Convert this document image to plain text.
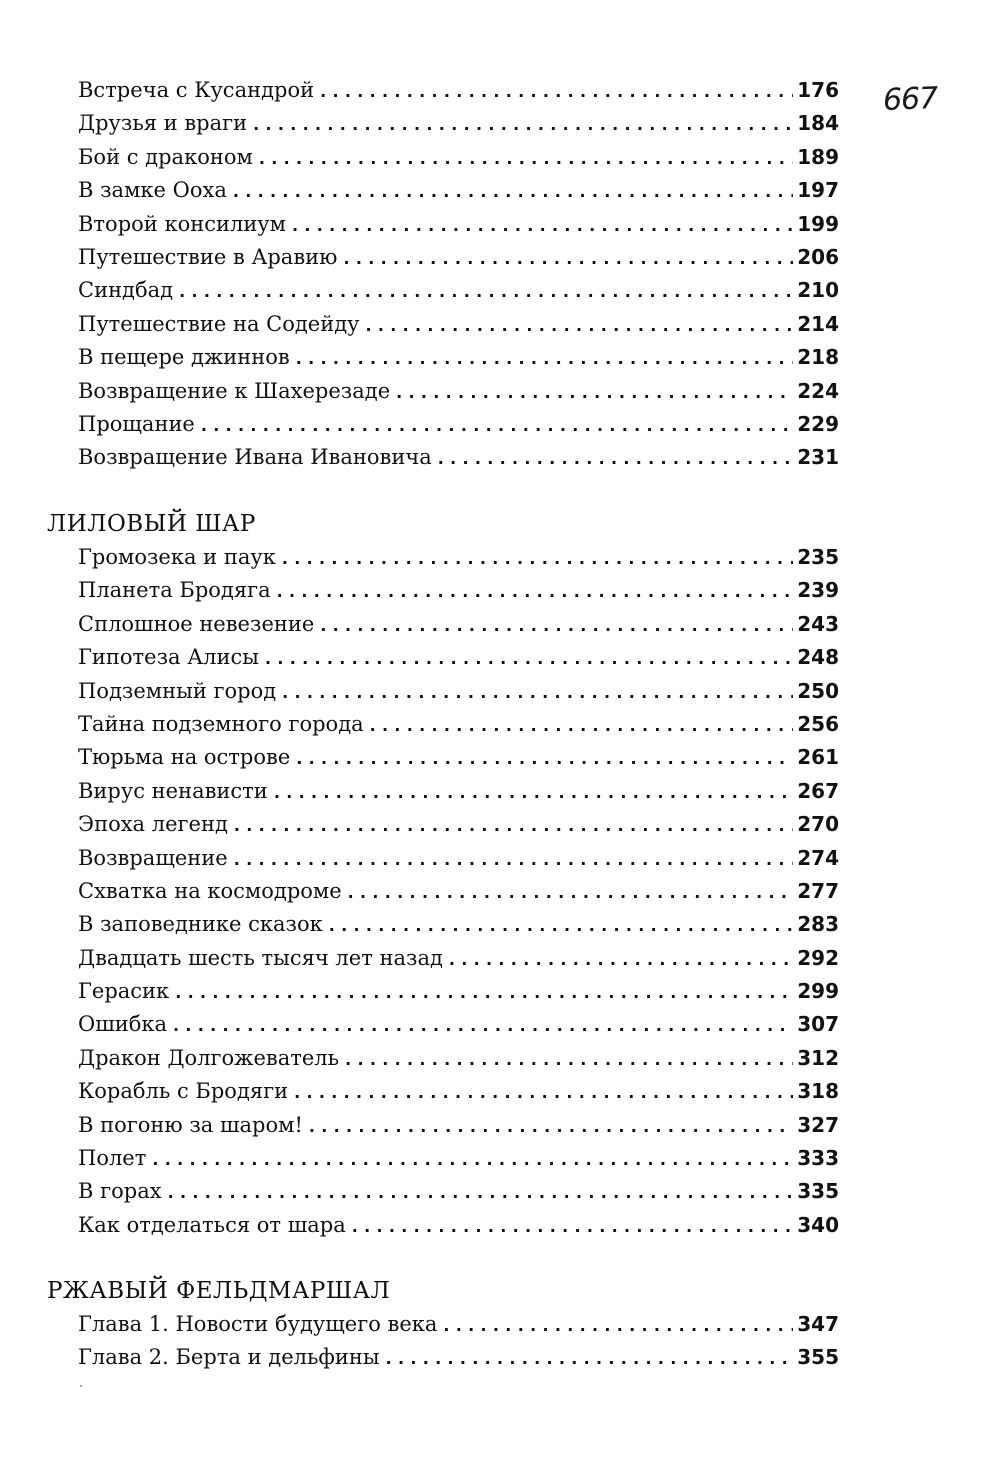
667
Встреча с Кусандрой .....	176
Друзья и враги .....	184
Бой с драконом .....	189
В замке Ооха .....	197
Второй консилиум .....	199
Путешествие в Аравию .....	206
Синдбад .....	210
Путешествие на Содейду .....	214
В пещере джиннов .....	218
Возвращение к Шахерезаде .....	224
Прощание .....	229
Возвращение Ивана Ивановича .....	231
ЛИЛОВЫЙ ШАР
Громозека и паук .....	235
Планета Бродяга .....	239
Сплошное невезение .....	243
Гипотеза Алисы .....	248
Подземный город .....	250
Тайна подземного города .....	256
Тюрьма на острове .....	261
Вирус ненависти .....	267
Эпоха легенд .....	270
Возвращение .....	274
Схватка на космодроме .....	277
В заповеднике сказок .....	283
Двадцать шесть тысяч лет назад .....	292
Герасик .....	299
Ошибка .....	307
Дракон Долгожеватель .....	312
Корабль с Бродяги .....	318
В погоню за шаром! .....	327
Полет .....	333
В горах .....	335
Как отделаться от шара .....	340
РЖАВЫЙ ФЕЛЬДМАРШАЛ
Глава 1. Новости будущего века .....	347
Глава 2. Берта и дельфины .....	355
